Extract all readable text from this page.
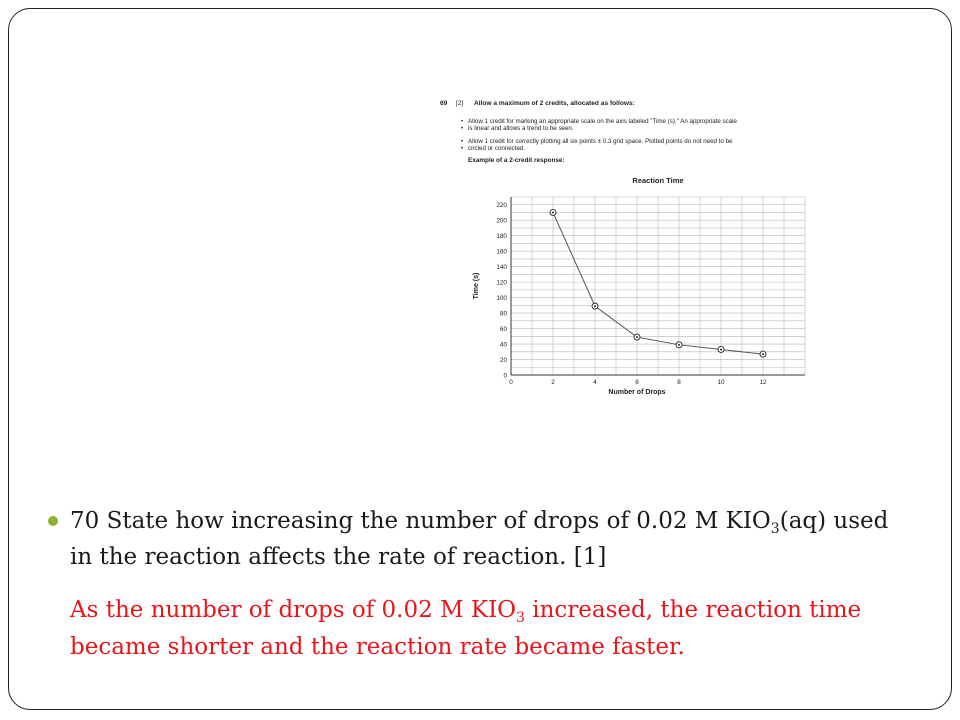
69	[2]	Allow a maximum of 2 credits, allocated as follows:
• Allow 1 credit for marking an appropriate scale on the axis labeled "Time (s)." An appropriate scale
• is linear and allows a trend to be seen.
• Allow 1 credit for correctly plotting all six points ± 0.3 grid space. Plotted points do not need to be
• circled or connected.
Example of a 2-credit response:
Reaction Time
0
20
40
60
80
100
120
140
160
180
200
220
0	2	4	6	8	10	12
Number of Drops
Time (s)
70 State how increasing the number of drops of 0.02 M $KIO_3(aq)$ used in the reaction affects the rate of reaction. [1]
As the number of drops of 0.02 M $KIO_3$ increased, the reaction time became shorter and the reaction rate became faster.
